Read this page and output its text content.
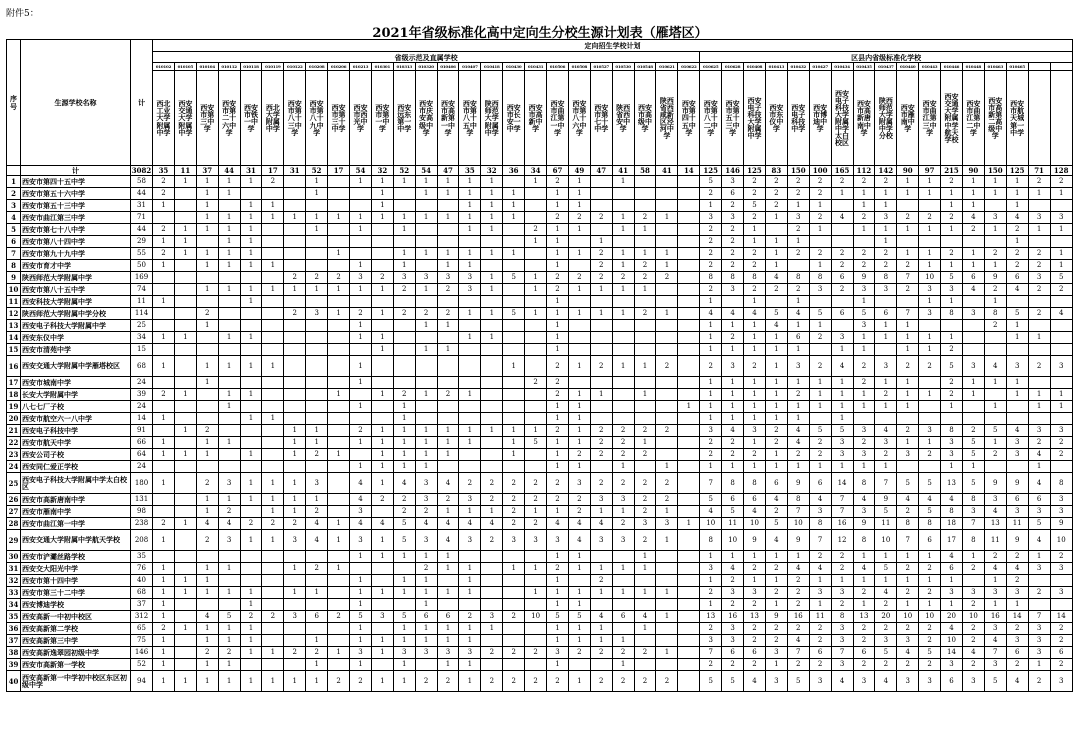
附件5：
2021年省级标准化高中定向生分校生源计划表（雁塔区）
序号	生源学校名称	计	定向招生学校计划																																									
			省级示范及直属学校																									区县内省级标准化学校																
			010102	010105	010104	010112	010118	010119	010122	010208	010206	010213	010301	010313	010320	010406	010407	010418	010430	010431	010506	010508	010527	010530	010548	010621	010622	010625	010628	010408	010413	010432	010427	010434	010435	010437	010440	010443	010446	010448	010463	010465		
			西北工业大学附属中学	西安交通大学附属中学	西安市第三中学	西安市第二十六中学	西安市铁一中学	西北大学附属中学	西安市第八十三中学	西安市第八十九中学	西安市第三十中学	西安市西光中学	西安市第一中学	西安远东第一中学	西安市庆安高级中学	西安市高新第一中学	西安市第八十五中学	陕西师范大学附属中学	西安市长安一中学	西安市高新中学	西安市曲江第一中学	西安市第八十六中学	西安市第七十中学	陕西省西安中学	西安市高级中学	陕西省西咸新区泾河中学	西安市第四十五中学	西安市第八十二中学	西安市第五十三中学	西安电子科技大学附属中学	西安市东仪中学	西安电子科技中学	西安市博迪中学	西安电子科技大学附属中学太白校区	西安市高新唐南中学	陕西师范大学附属中学分校	西安市雁南中学	西安市曲江第三中学	西安交通大学附属中学航天学校	西安市曲江第二中学	西安市高新第二高级中学	西安市航天城第一中学		
	计	3082	35	11	37	44	31	17	31	52	17	54	32	52	54	47	35	32	36	34	67	49	47	41	58	41	14	125	146	125	83	150	100	165	112	142	90	97	215	90	150	125	71	128
1	西安市第四十五中学	58	2	1	1	1	1	2		1		1	1	1	1	1	1	1		1	2	1		1				5	3	2	2	2	2	2	2	2	1	1	2	1	1	1	2	2
2	西安市第五十六中学	44	2		1	1				1			1		1	1	1	1	1		1	1						2	6	2	2	2	2	1	1	1	1	1	1	1	1	1	1	1
3	西安市第五十三中学	31	1		1		1	1					1				1	1	1		1	1						1	2	5	2	1	1		1	1			1	1		1		
4	西安市曲江第三中学	71			1	1	1	1	1	1	1	1	1	1	1	1	1	1	1		2	2	2	1	2	1		3	3	2	1	3	2	4	2	3	2	2	2	4	3	4	3	3
5	西安市第七十八中学	44	2	1	1	1	1			1		1		1			1	1		2	1	1		1	1			2	2	1		2	1		1	1	1	1	1	2	1	2	1	1
6	西安市第八十四中学	29	1	1		1	1													1	1		1					2	2	1	1	1				1						1		
7	西安市第九十九中学	55	2	1	1	1	1				1			1	1	1	1	1	1		1	1	2	1	1	1		2	2	2	1	2	2	2	2	2	1	1	2	1	2	2	2	1
8	西安市育才中学	50	1		1	1	1	1				1		1		1	1				1		2	1	2	1		2	2	2	1		1	2	2	2	2	1	1	1	1	2	2	1
9	陕西师范大学附属中学	169							2	2	2	3	2	3	3	3	3	1	5	1	2	2	2	2	2	2		8	8	8	4	8	8	6	9	8	7	10	5	6	9	6	3	5
10	西安市第八十五中学	74			1	1	1	1	1	1	1	1	1	2	1	2	3	1		1	2	1	1	1	1			2	3	2	2	2	3	2	3	3	2	3	3	4	2	4	2	2
11	西安科技大学附属中学	11	1				1														1							1		1		1			1			1	1		1			
12	陕西师范大学附属中学分校	114			2				2	3	1	2	1	2	2	2	1	1	5	1	1	1	1	1	2	1		4	4	4	5	4	5	6	5	6	7	3	8	3	8	5	2	4
13	西安电子科技大学附属中学	25			1							1			1	1					1							1	1	1	4	1	1		3	1	1				2	1		
14	西安东仪中学	34	1	1		1	1					1	1				1	1			1							1	2	1	1	6	2	3	1	1	1	1	1			1	1	
15	西安市清苑中学	15											1		1	1					1							1	1	1	1	1		1	1		1	1	2					
16	西安交通大学附属中学雁塔校区	68	1		1	1	1	1				1							1		2	1	2	1	1	2		2	3	2	1	3	2	4	2	3	2	2	5	3	4	3	2	3
17	西安市城南中学	24			1							1								2	2							1	1	1	1	1	1	1	2	1	1		2	1	1	1		
18	长安大学附属中学	39	2	1		1	1				1		1	2	1	2	1				2	1	1		1			1	1	1	1	2	1	1	1	2	1	1	2	1		1	1	1
19	八七七厂子校	24				1						1		1							1	1					1	1	1	1	1	1	1	1	1	1	1		1		1		1	1
20	西安市航空六一八中学	14	1				1	1						1							1	1						1	1	1	1	1		1										
21	西安电子科技中学	91		1	2				1	1		2	1	1	1	1	1	1	1	1	2	1	2	2	2	2		3	4	3	2	4	5	5	3	4	2	3	8	2	5	4	3	3
22	西安市航天中学	66	1		1	1			1	1		1	1	1	1	1	1		1	5	1	1	2	2	1			2	2	1	2	4	2	3	2	3	1	1	3	5	1	3	2	2
23	西安公司子校	64	1	1	1		1		1	2	1		1	1	1	1			1		1	2	2	2	2			2	2	2	1	2	2	3	3	2	3	2	3	5	2	3	4	2
24	西安同仁爱正学校	24										1	1	1	1						1	1		1		1		1	1	1	1	1	1	1	1	1			1	1			1	
25	西安电子科技大学附属中学太白校区	180	1		2	3	1	1	1	3		4	1	4	3	4	2	2	2	2	2	3	2	2	2	2		7	8	8	6	9	6	14	8	7	5	5	13	5	9	9	4	8
26	西安市高新唐南中学	131			1	1	1	1	1	1		4	2	2	3	2	3	2	2	2	2	2	3	3	2	2		5	6	6	4	8	4	7	4	9	4	4	4	8	3	6	6	3
27	西安市雁南中学	98			1	2		1	1	2		3		2	2	1	1	1	2	1	1	2	1	1	2	1		4	5	4	2	7	3	7	3	5	2	5	8	3	4	3	3	3
28	西安市曲江第一中学	238	2	1	4	4	2	2	2	4	1	4	4	5	4	4	4	4	2	2	4	4	4	2	3	3	1	10	11	10	5	10	8	16	9	11	8	8	18	7	13	11	5	9
29	西安交通大学附属中学航天学校	208	1		2	3	1	1	3	4	1	3	1	5	3	4	3	2	3	3	3	4	3	3	2	1		8	10	9	4	9	7	12	8	10	7	6	17	8	11	9	4	10
30	西安市浐灞丝路学校	35										1	1	1	1	1					1	1			1			1	1	1	1	1	2	2	1	1	1	1	4	1	2	2	1	2
31	西安交大阳光中学	76	1		1	1			1	2	1				2	1	1		1	1	2	1	1	1	1			3	4	2	2	4	4	2	4	5	2	2	6	2	4	4	3	3
32	西安市第十四中学	40	1	1	1							1		1	1		1				1		2					1	2	1	1	2	1	1	1	1	1	1	1		1	2		
33	西安市第三十二中学	68	1	1	1	1	1		1	1		1	1	1	1	1	1			1	1	1	1	1	1	1		2	3	3	2	2	3	3	2	4	2	2	3	3	3	3	2	3
34	西安博迪学校	37	1				1					1			1						1	1						1	2	2	1	2	1	2	1	2	1	1	1	2	1	1		
35	西安高新一中初中校区	312	1		4	5	2	2	3	6	2	5	3	5	6	6	2	3	2	10	5	5	4	6	4	1		13	16	13	9	16	11	8	13	20	10	10	20	10	16	14	7	14
36	西安高新第二学校	65	2	1	1	1	1					1		1	1	1	1	1			1	1	1		1			2	3	2	2	2	2	3	2	2	2	2	4	2	3	2	3	2
37	西安高新第三中学	75	1		1	1	1			1		1	1	1	1	1	1				1	1	1	1				3	3	2	2	4	2	3	2	3	3	2	10	2	4	3	3	2
38	西安高新逸翠园初级中学	146	1		2	2	1	1	2	2	1	3	1	3	3	3	3	2	2	2	3	2	2	2	2	1		7	6	6	3	7	6	7	6	5	4	5	14	4	7	6	3	6
39	西安市高新第一学校	52	1		1	1				1		1		1		1	1				1			1				2	2	2	1	2	2	3	2	2	2	2	3	2	3	2	1	2
40	西安高新第一中学初中校区东区初级中学	94	1	1	1	1	1	1	1	1	2	2	1	1	2	2	1	2	2	2	2	1	2	2	2	2		5	5	4	3	5	3	4	3	4	3	3	6	3	5	4	2	3
